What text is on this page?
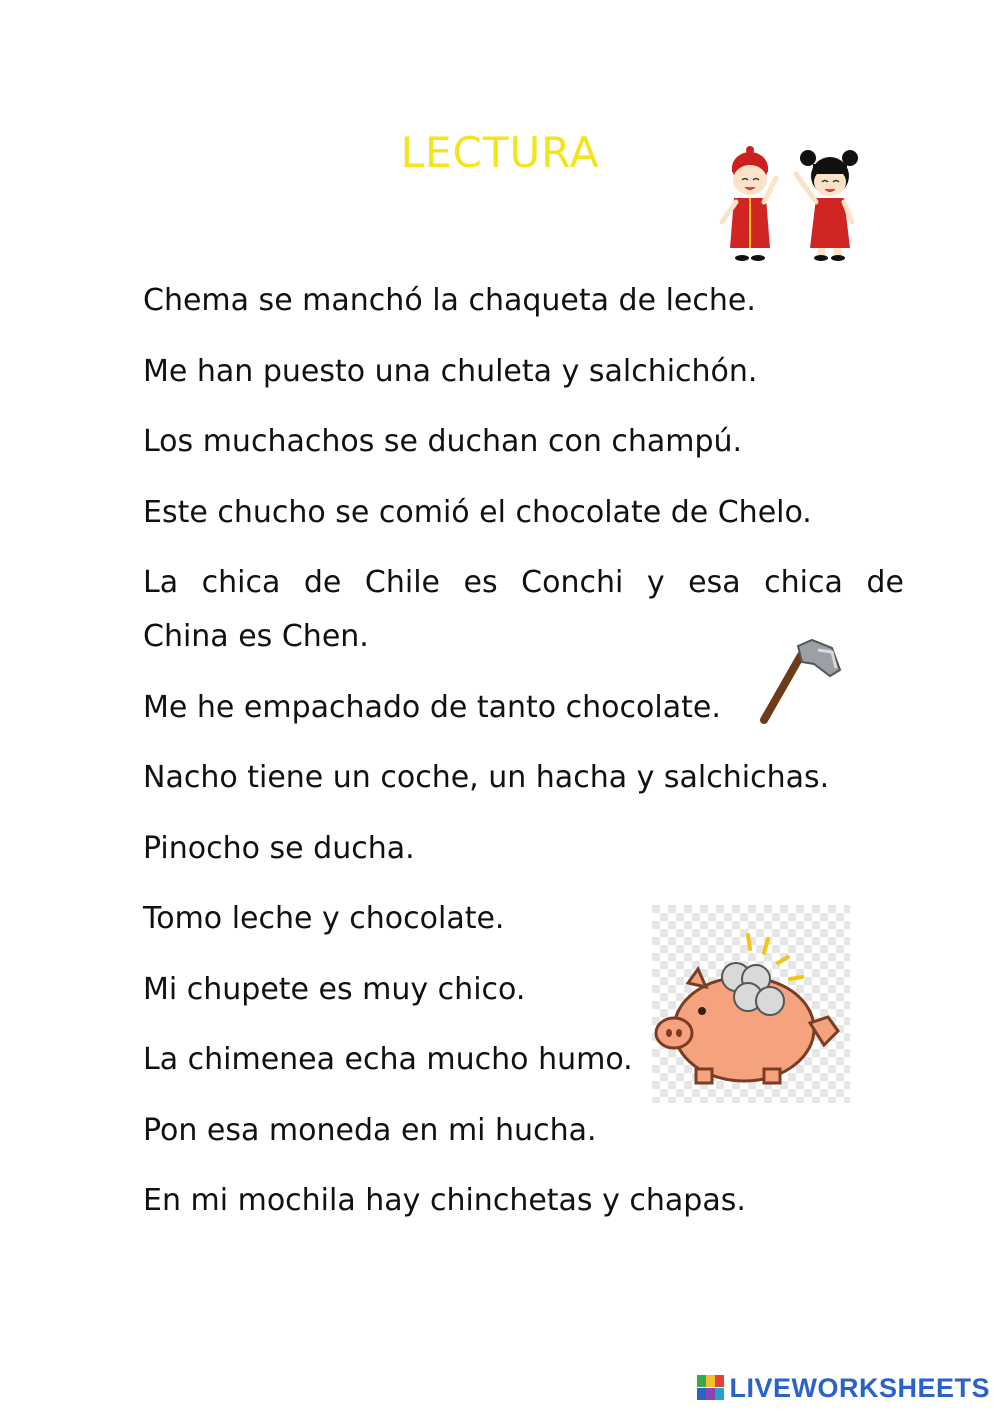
LECTURA
Chema se manchó la chaqueta de leche.
Me han puesto una chuleta y salchichón.
Los muchachos se duchan con champú.
Este chucho se comió el chocolate de Chelo.
La chica de Chile es Conchi y esa chica de
China es Chen.
Me he empachado de tanto chocolate.
Nacho tiene un coche, un hacha y salchichas.
Pinocho se ducha.
Tomo leche y chocolate.
Mi chupete es muy chico.
La chimenea echa mucho humo.
Pon esa moneda en mi hucha.
En mi mochila hay chinchetas y chapas.
LIVEWORKSHEETS
